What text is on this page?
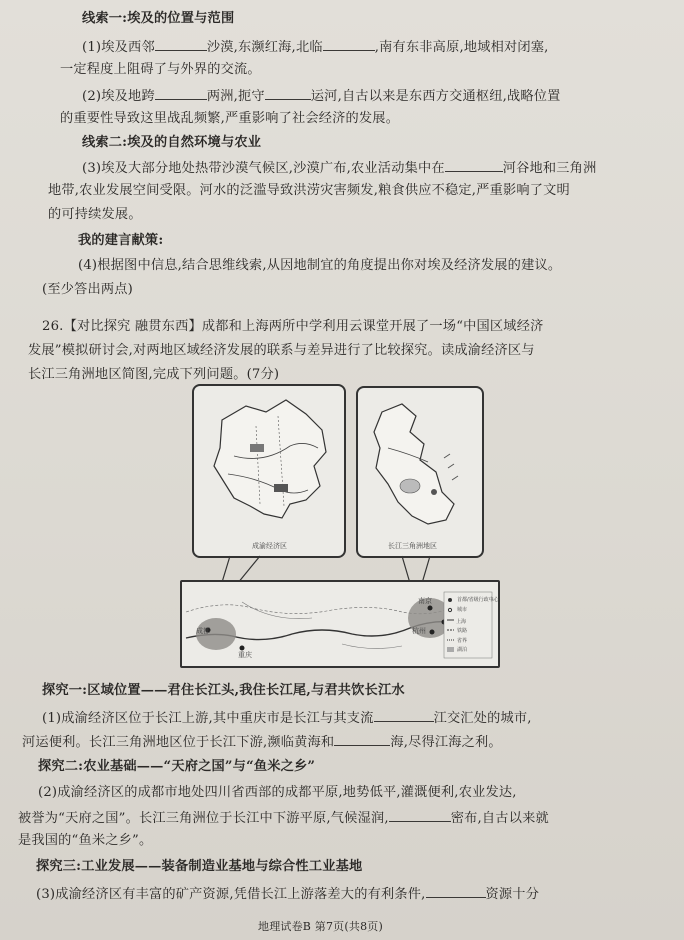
线索一:埃及的位置与范围
(1)埃及西邻	沙漠,东濒红海,北临	,南有东非高原,地域相对闭塞,
一定程度上阻碍了与外界的交流。
(2)埃及地跨	两洲,扼守	运河,自古以来是东西方交通枢纽,战略位置
的重要性导致这里战乱频繁,严重影响了社会经济的发展。
线索二:埃及的自然环境与农业
(3)埃及大部分地处热带沙漠气候区,沙漠广布,农业活动集中在	河谷地和三角洲
地带,农业发展空间受限。河水的泛滥导致洪涝灾害频发,粮食供应不稳定,严重影响了文明
的可持续发展。
我的建言献策:
(4)根据图中信息,结合思维线索,从因地制宜的角度提出你对埃及经济发展的建议。
(至少答出两点)
26.【对比探究 融贯东西】成都和上海两所中学利用云课堂开展了一场“中国区域经济
发展”模拟研讨会,对两地区域经济发展的联系与差异进行了比较探究。读成渝经济区与
长江三角洲地区简图,完成下列问题。(7分)
成渝经济区	长江三角洲地区
成都
重庆
南京
杭州
上海
首都/省级行政中心
城市
铁路
省界
湖泊
探究一:区域位置——君住长江头,我住长江尾,与君共饮长江水
(1)成渝经济区位于长江上游,其中重庆市是长江与其支流	江交汇处的城市,
河运便利。长江三角洲地区位于长江下游,濒临黄海和	海,尽得江海之利。
探究二:农业基础——“天府之国”与“鱼米之乡”
(2)成渝经济区的成都市地处四川省西部的成都平原,地势低平,灌溉便利,农业发达,
被誉为“天府之国”。长江三角洲位于长江中下游平原,气候湿润,	密布,自古以来就
是我国的“鱼米之乡”。
探究三:工业发展——装备制造业基地与综合性工业基地
(3)成渝经济区有丰富的矿产资源,凭借长江上游落差大的有利条件,	资源十分
地理试卷B 第7页(共8页)
